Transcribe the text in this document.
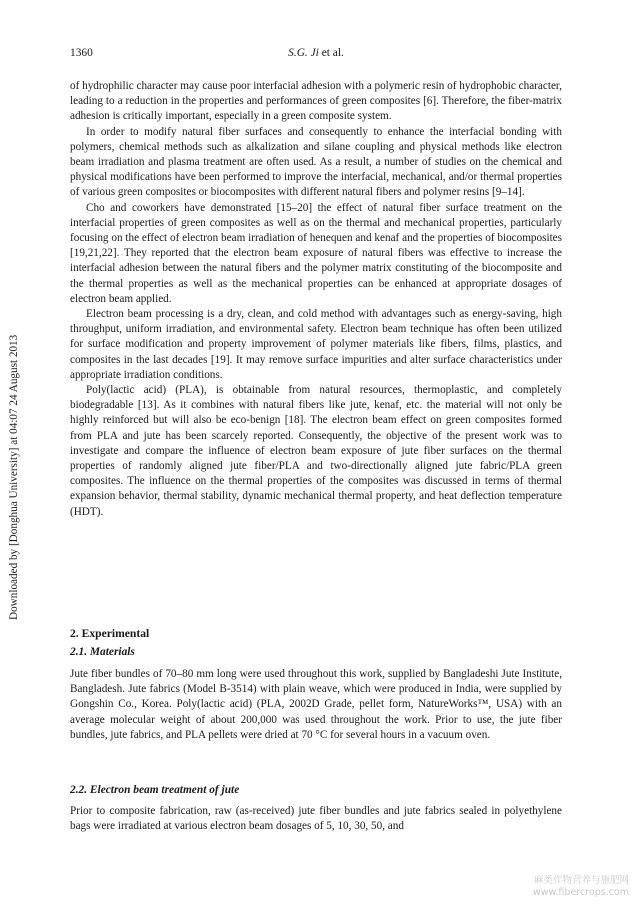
1360	S.G. Ji et al.
Downloaded by [Donghua University] at 04:07 24 August 2013

of hydrophilic character may cause poor interfacial adhesion with a polymeric resin of hydrophobic character, leading to a reduction in the properties and performances of green composites [6]. Therefore, the fiber-matrix adhesion is critically important, especially in a green composite system.

In order to modify natural fiber surfaces and consequently to enhance the interfacial bonding with polymers, chemical methods such as alkalization and silane coupling and physical methods like electron beam irradiation and plasma treatment are often used. As a result, a number of studies on the chemical and physical modifications have been performed to improve the interfacial, mechanical, and/or thermal properties of various green composites or biocomposites with different natural fibers and polymer resins [9–14].

Cho and coworkers have demonstrated [15–20] the effect of natural fiber surface treatment on the interfacial properties of green composites as well as on the thermal and mechanical properties, particularly focusing on the effect of electron beam irradiation of henequen and kenaf and the properties of biocomposites [19,21,22]. They reported that the electron beam exposure of natural fibers was effective to increase the interfacial adhesion between the natural fibers and the polymer matrix constituting of the biocomposite and the thermal properties as well as the mechanical properties can be enhanced at appropriate dosages of electron beam applied.

Electron beam processing is a dry, clean, and cold method with advantages such as energy-saving, high throughput, uniform irradiation, and environmental safety. Electron beam technique has often been utilized for surface modification and property improvement of polymer materials like fibers, films, plastics, and composites in the last decades [19]. It may remove surface impurities and alter surface characteristics under appropriate irradiation conditions.

Poly(lactic acid) (PLA), is obtainable from natural resources, thermoplastic, and completely biodegradable [13]. As it combines with natural fibers like jute, kenaf, etc. the material will not only be highly reinforced but will also be eco-benign [18]. The electron beam effect on green composites formed from PLA and jute has been scarcely reported. Consequently, the objective of the present work was to investigate and compare the influence of electron beam exposure of jute fiber surfaces on the thermal properties of randomly aligned jute fiber/PLA and two-directionally aligned jute fabric/PLA green composites. The influence on the thermal properties of the composites was discussed in terms of thermal expansion behavior, thermal stability, dynamic mechanical thermal property, and heat deflection temperature (HDT).

2. Experimental
2.1. Materials

Jute fiber bundles of 70–80 mm long were used throughout this work, supplied by Bangladeshi Jute Institute, Bangladesh. Jute fabrics (Model B-3514) with plain weave, which were produced in India, were supplied by Gongshin Co., Korea. Poly(lactic acid) (PLA, 2002D Grade, pellet form, NatureWorks™, USA) with an average molecular weight of about 200,000 was used throughout the work. Prior to use, the jute fiber bundles, jute fabrics, and PLA pellets were dried at 70 °C for several hours in a vacuum oven.

2.2. Electron beam treatment of jute

Prior to composite fabrication, raw (as-received) jute fiber bundles and jute fabrics sealed in polyethylene bags were irradiated at various electron beam dosages of 5, 10, 30, 50, and

麻类作物营养与施肥网
www.fibercrops.com
